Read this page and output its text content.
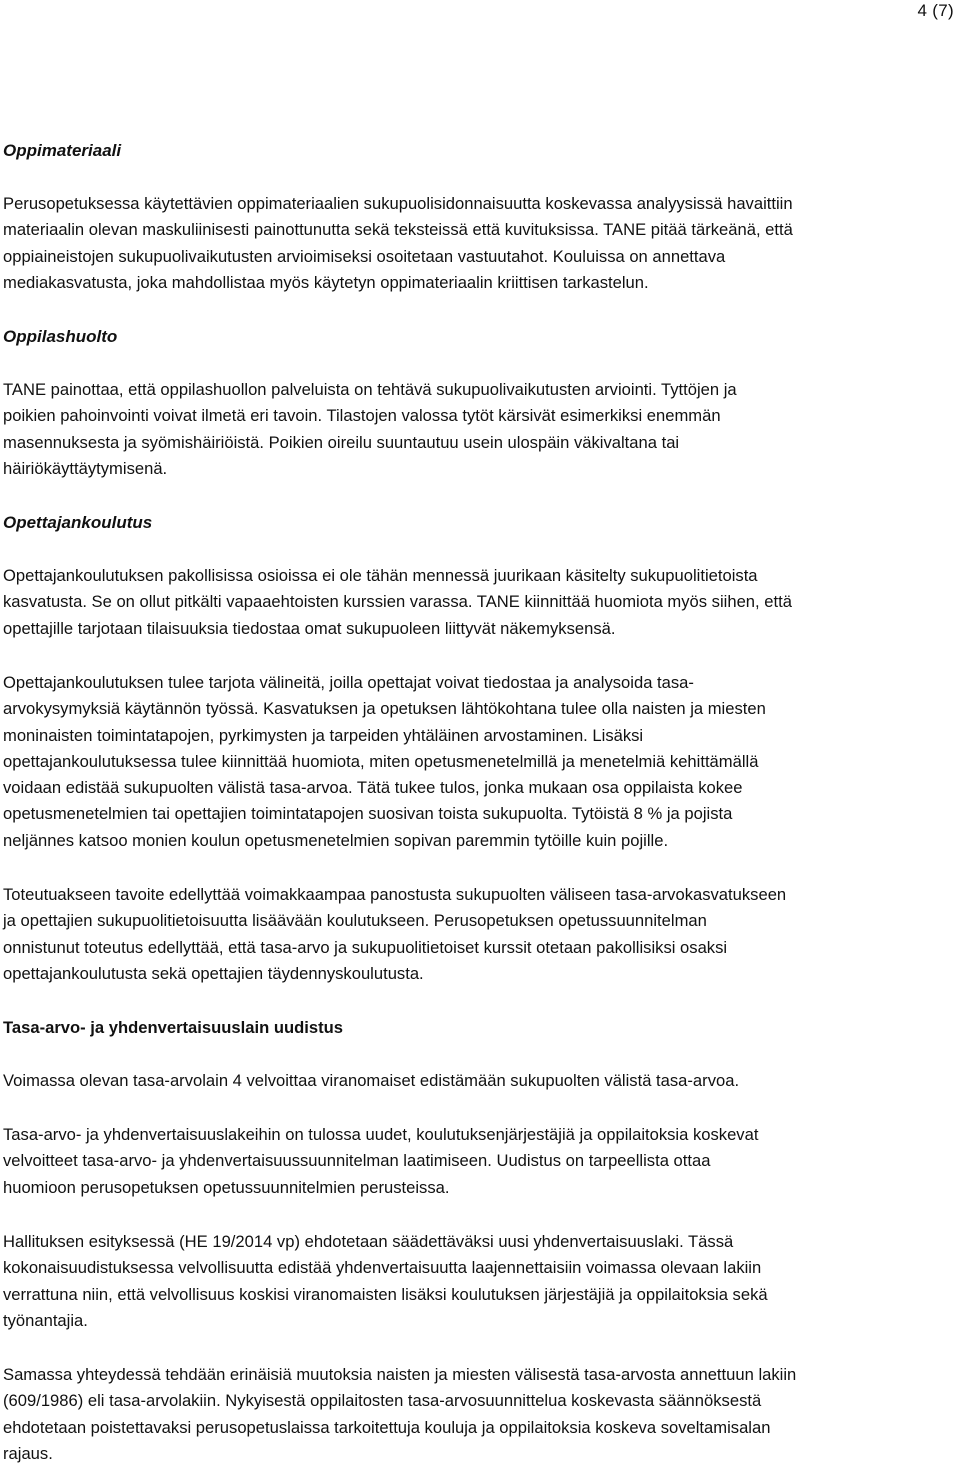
4 (7)
Oppimateriaali
Perusopetuksessa käytettävien oppimateriaalien sukupuolisidonnaisuutta koskevassa analyysissä havaittiin
materiaalin olevan maskuliinisesti painottunutta sekä teksteissä että kuvituksissa. TANE pitää tärkeänä, että
oppiaineistojen sukupuolivaikutusten arvioimiseksi osoitetaan vastuutahot. Kouluissa on annettava
mediakasvatusta, joka mahdollistaa myös käytetyn oppimateriaalin kriittisen tarkastelun.
Oppilashuolto
TANE painottaa, että oppilashuollon palveluista on tehtävä sukupuolivaikutusten arviointi. Tyttöjen ja
poikien pahoinvointi voivat ilmetä eri tavoin. Tilastojen valossa tytöt kärsivät esimerkiksi enemmän
masennuksesta ja syömishäiriöistä. Poikien oireilu suuntautuu usein ulospäin väkivaltana tai
häiriökäyttäytymisenä.
Opettajankoulutus
Opettajankoulutuksen pakollisissa osioissa ei ole tähän mennessä juurikaan käsitelty sukupuolitietoista
kasvatusta. Se on ollut pitkälti vapaaehtoisten kurssien varassa. TANE kiinnittää huomiota myös siihen, että
opettajille tarjotaan tilaisuuksia tiedostaa omat sukupuoleen liittyvät näkemyksensä.
Opettajankoulutuksen tulee tarjota välineitä, joilla opettajat voivat tiedostaa ja analysoida tasa-
arvokysymyksiä käytännön työssä. Kasvatuksen ja opetuksen lähtökohtana tulee olla naisten ja miesten
moninaisten toimintatapojen, pyrkimysten ja tarpeiden yhtäläinen arvostaminen. Lisäksi
opettajankoulutuksessa tulee kiinnittää huomiota, miten opetusmenetelmillä ja menetelmiä kehittämällä
voidaan edistää sukupuolten välistä tasa-arvoa. Tätä tukee tulos, jonka mukaan osa oppilaista kokee
opetusmenetelmien tai opettajien toimintatapojen suosivan toista sukupuolta. Tytöistä 8 % ja pojista
neljännes katsoo monien koulun opetusmenetelmien sopivan paremmin tytöille kuin pojille.
Toteutuakseen tavoite edellyttää voimakkaampaa panostusta sukupuolten väliseen tasa-arvokasvatukseen
ja opettajien sukupuolitietoisuutta lisäävään koulutukseen. Perusopetuksen opetussuunnitelman
onnistunut toteutus edellyttää, että tasa-arvo ja sukupuolitietoiset kurssit otetaan pakollisiksi osaksi
opettajankoulutusta sekä opettajien täydennyskoulutusta.
Tasa-arvo- ja yhdenvertaisuuslain uudistus
Voimassa olevan tasa-arvolain 4 velvoittaa viranomaiset edistämään sukupuolten välistä tasa-arvoa.
Tasa-arvo- ja yhdenvertaisuuslakeihin on tulossa uudet, koulutuksenjärjestäjiä ja oppilaitoksia koskevat
velvoitteet tasa-arvo- ja yhdenvertaisuussuunnitelman laatimiseen. Uudistus on tarpeellista ottaa
huomioon perusopetuksen opetussuunnitelmien perusteissa.
Hallituksen esityksessä (HE 19/2014 vp) ehdotetaan säädettäväksi uusi yhdenvertaisuuslaki. Tässä
kokonaisuudistuksessa velvollisuutta edistää yhdenvertaisuutta laajennettaisiin voimassa olevaan lakiin
verrattuna niin, että velvollisuus koskisi viranomaisten lisäksi koulutuksen järjestäjiä ja oppilaitoksia sekä
työnantajia.
Samassa yhteydessä tehdään erinäisiä muutoksia naisten ja miesten välisestä tasa-arvosta annettuun lakiin
(609/1986) eli tasa-arvolakiin. Nykyisestä oppilaitosten tasa-arvosuunnittelua koskevasta säännöksestä
ehdotetaan poistettavaksi perusopetuslaissa tarkoitettuja kouluja ja oppilaitoksia koskeva soveltamisalan
rajaus.
